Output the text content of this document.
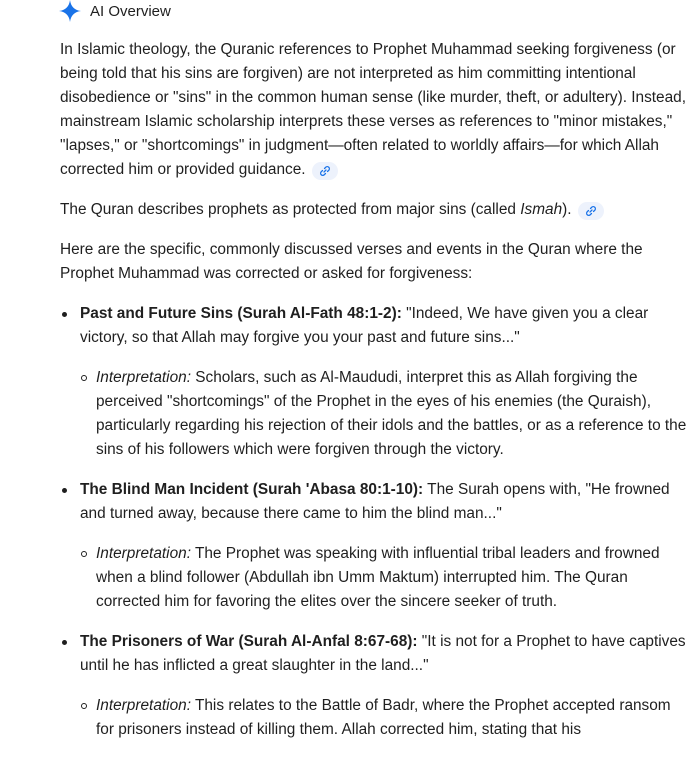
AI Overview

In Islamic theology, the Quranic references to Prophet Muhammad seeking forgiveness (or being told that his sins are forgiven) are not interpreted as him committing intentional disobedience or "sins" in the common human sense (like murder, theft, or adultery). Instead, mainstream Islamic scholarship interprets these verses as references to "minor mistakes," "lapses," or "shortcomings" in judgment—often related to worldly affairs—for which Allah corrected him or provided guidance.

The Quran describes prophets as protected from major sins (called Ismah).

Here are the specific, commonly discussed verses and events in the Quran where the Prophet Muhammad was corrected or asked for forgiveness:

Past and Future Sins (Surah Al-Fath 48:1-2): "Indeed, We have given you a clear victory, so that Allah may forgive you your past and future sins..."
Interpretation: Scholars, such as Al-Maududi, interpret this as Allah forgiving the perceived "shortcomings" of the Prophet in the eyes of his enemies (the Quraish), particularly regarding his rejection of their idols and the battles, or as a reference to the sins of his followers which were forgiven through the victory.
The Blind Man Incident (Surah 'Abasa 80:1-10): The Surah opens with, "He frowned and turned away, because there came to him the blind man..."
Interpretation: The Prophet was speaking with influential tribal leaders and frowned when a blind follower (Abdullah ibn Umm Maktum) interrupted him. The Quran corrected him for favoring the elites over the sincere seeker of truth.
The Prisoners of War (Surah Al-Anfal 8:67-68): "It is not for a Prophet to have captives until he has inflicted a great slaughter in the land..."
Interpretation: This relates to the Battle of Badr, where the Prophet accepted ransom for prisoners instead of killing them. Allah corrected him, stating that his
